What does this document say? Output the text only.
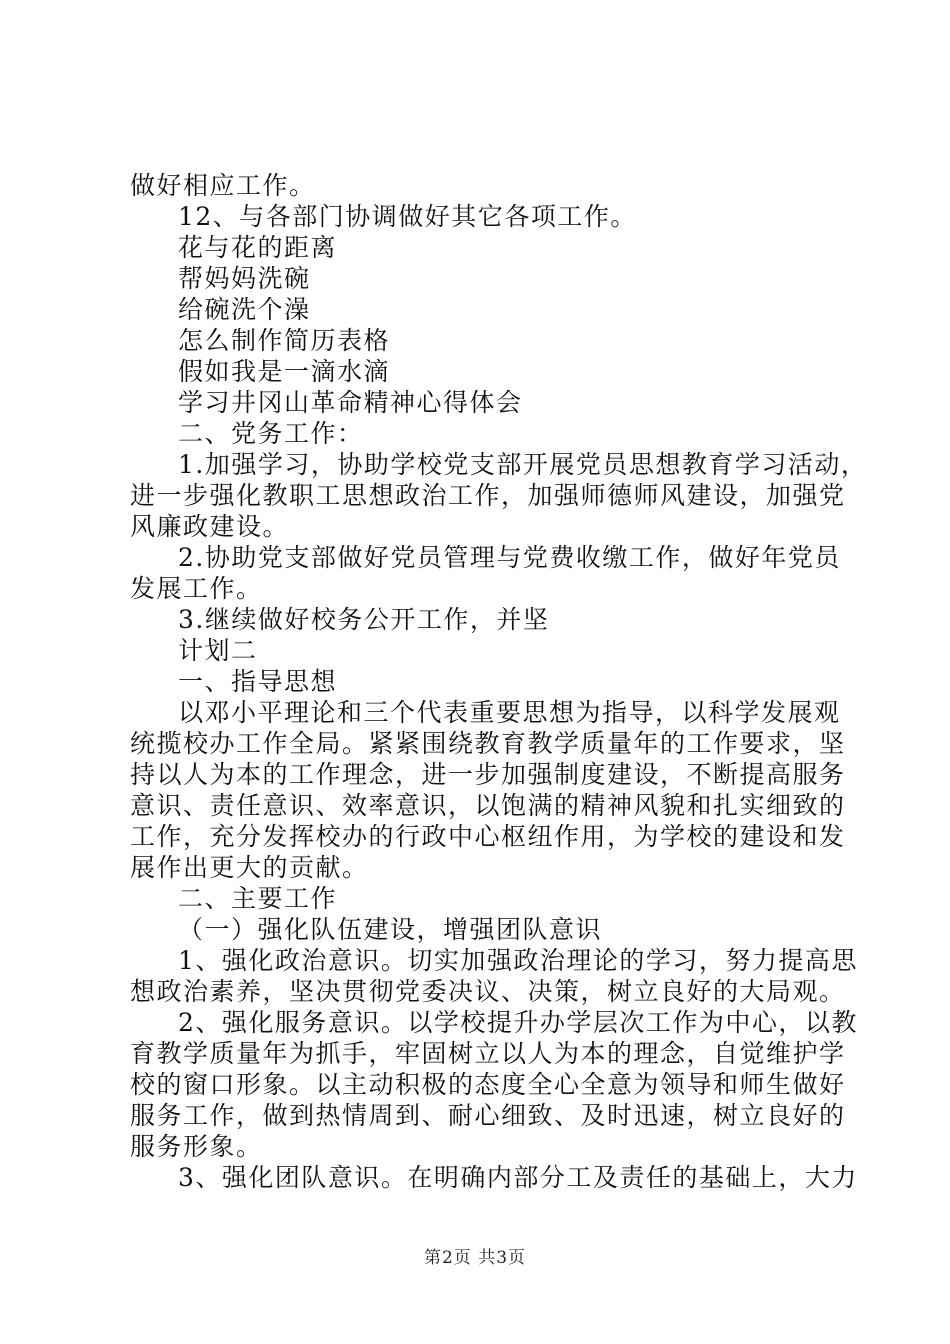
做好相应工作。
12、与各部门协调做好其它各项工作。
花与花的距离
帮妈妈洗碗
给碗洗个澡
怎么制作简历表格
假如我是一滴水滴
学习井冈山革命精神心得体会
二、党务工作：
1.加强学习，协助学校党支部开展党员思想教育学习活动，
进一步强化教职工思想政治工作，加强师德师风建设，加强党
风廉政建设。
2.协助党支部做好党员管理与党费收缴工作，做好年党员
发展工作。
3.继续做好校务公开工作，并坚
计划二
一、指导思想
以邓小平理论和三个代表重要思想为指导，以科学发展观
统揽校办工作全局。紧紧围绕教育教学质量年的工作要求，坚
持以人为本的工作理念，进一步加强制度建设，不断提高服务
意识、责任意识、效率意识，以饱满的精神风貌和扎实细致的
工作，充分发挥校办的行政中心枢纽作用，为学校的建设和发
展作出更大的贡献。
二、主要工作
（一）强化队伍建设，增强团队意识
1、强化政治意识。切实加强政治理论的学习，努力提高思
想政治素养，坚决贯彻党委决议、决策，树立良好的大局观。
2、强化服务意识。以学校提升办学层次工作为中心，以教
育教学质量年为抓手，牢固树立以人为本的理念，自觉维护学
校的窗口形象。以主动积极的态度全心全意为领导和师生做好
服务工作，做到热情周到、耐心细致、及时迅速，树立良好的
服务形象。
3、强化团队意识。在明确内部分工及责任的基础上，大力
第2页 共3页
